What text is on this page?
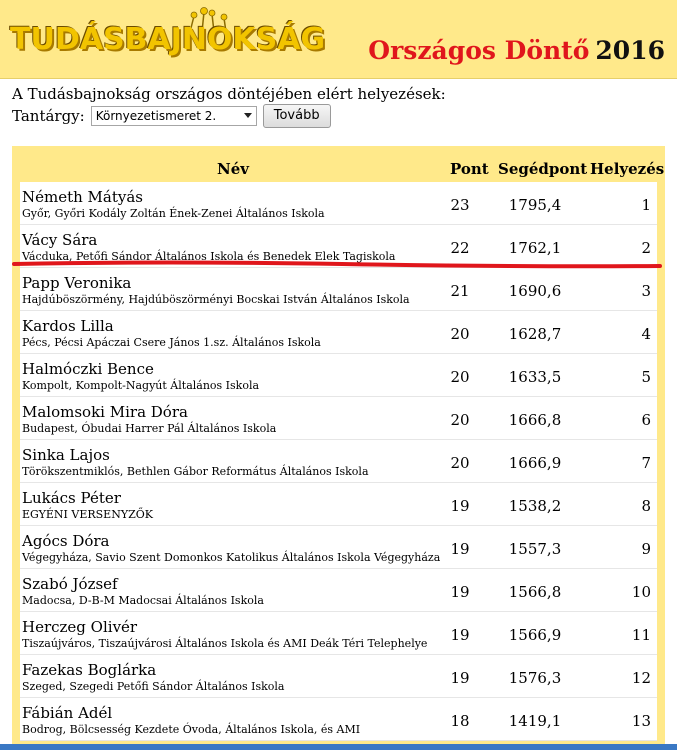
TUDÁSBAJNOKSÁG Országos Döntő 2016
A Tudásbajnokság országos döntéjében elért helyezések:
Tantárgy: Környezetismeret 2.	Tovább
Név	Pont Segédpont Helyezés
Németh Mátyás
Győr, Győri Kodály Zoltán Ének-Zenei Általános Iskola	23	1795,4	1
Vácy Sára
Vácduka, Petőfi Sándor Általános Iskola és Benedek Elek Tagiskola	22	1762,1	2
Papp Veronika
Hajdúböszörmény, Hajdúböszörményi Bocskai István Általános Iskola	21	1690,6	3
Kardos Lilla
Pécs, Pécsi Apáczai Csere János 1.sz. Általános Iskola	20	1628,7	4
Halmóczki Bence
Kompolt, Kompolt-Nagyút Általános Iskola	20	1633,5	5
Malomsoki Mira Dóra
Budapest, Óbudai Harrer Pál Általános Iskola	20	1666,8	6
Sinka Lajos
Törökszentmiklós, Bethlen Gábor Református Általános Iskola	20	1666,9	7
Lukács Péter
EGYÉNI VERSENYZŐK	19	1538,2	8
Agócs Dóra
Végegyháza, Savio Szent Domonkos Katolikus Általános Iskola Végegyháza 19	1557,3	9
Szabó József
Madocsa, D-B-M Madocsai Általános Iskola	19	1566,8	10
Herczeg Olivér
Tiszaújváros, Tiszaújvárosi Általános Iskola és AMI Deák Téri Telephelye	19	1566,9	11
Fazekas Boglárka
Szeged, Szegedi Petőfi Sándor Általános Iskola	19	1576,3	12
Fábián Adél
Bodrog, Bölcsesség Kezdete Óvoda, Általános Iskola, és AMI	18	1419,1	13
